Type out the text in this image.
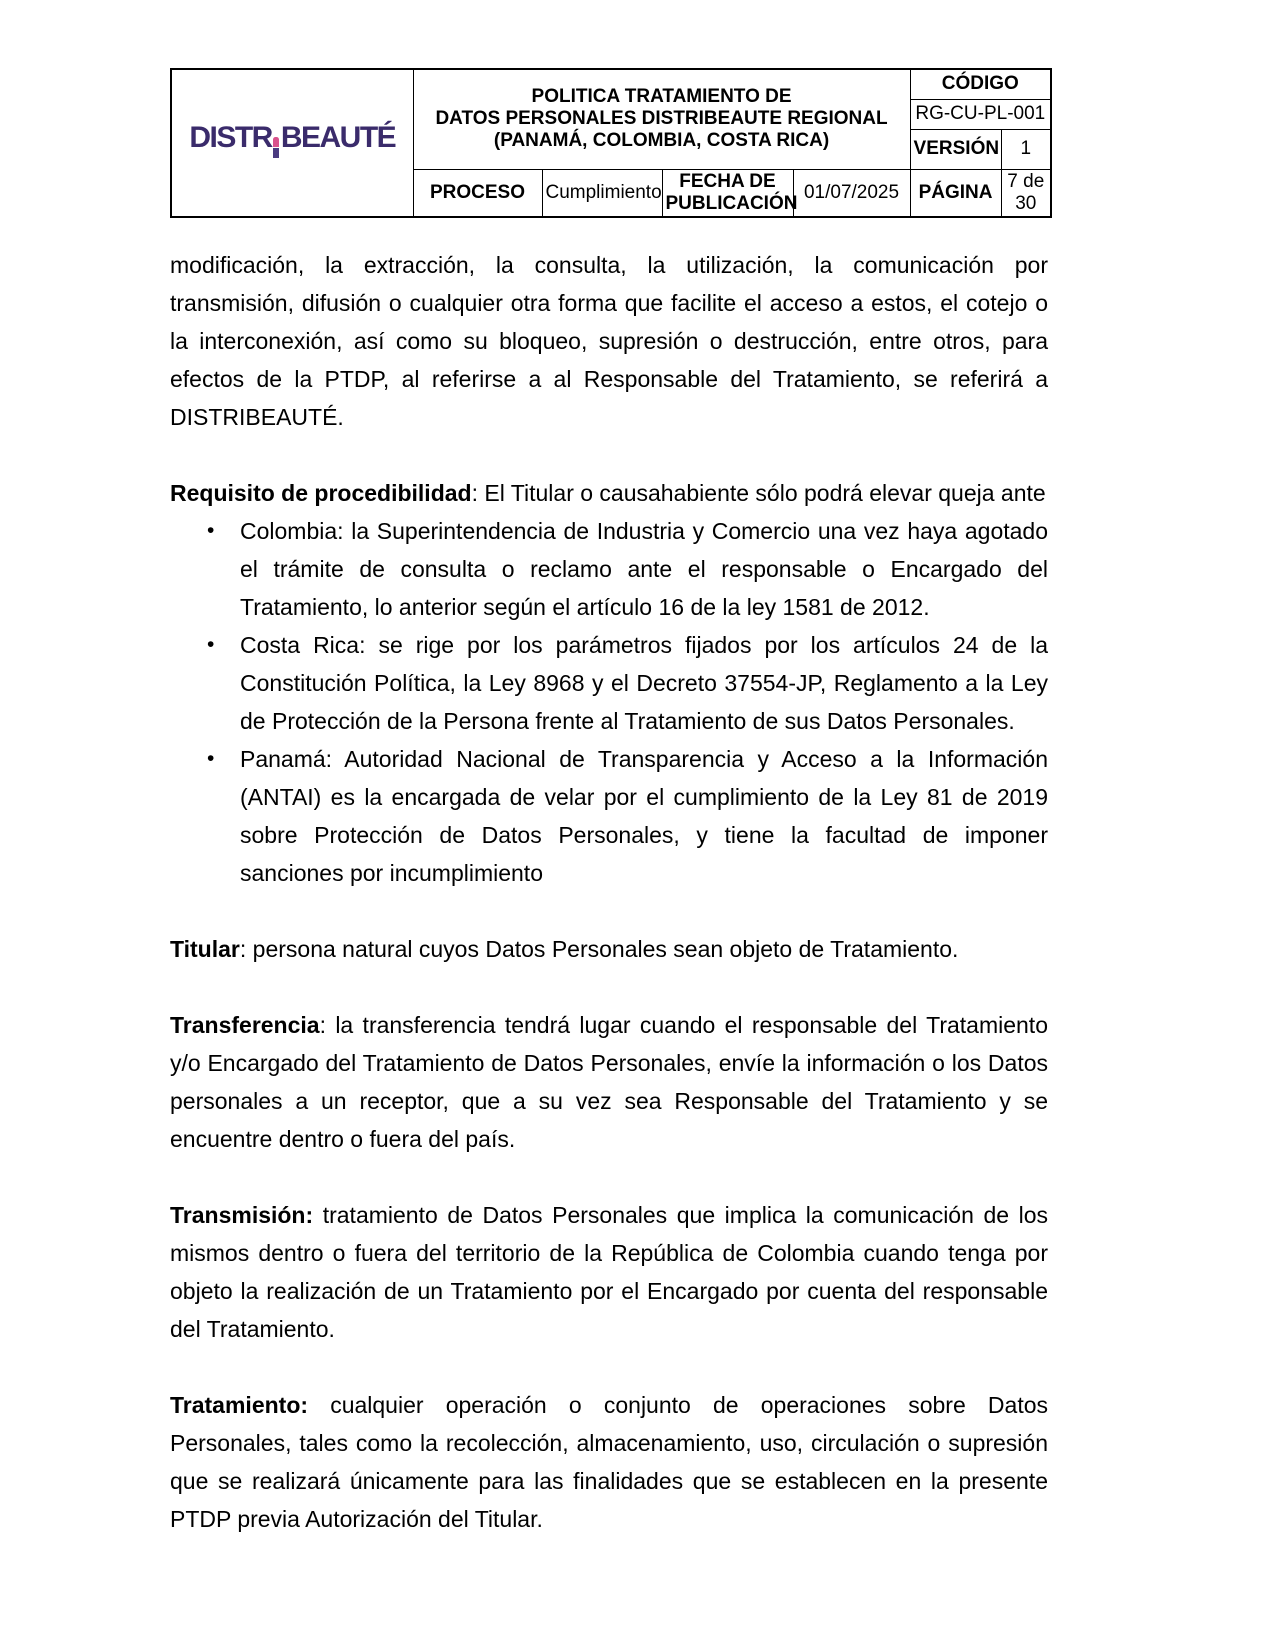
DISTR BEAUTÉ

POLITICA TRATAMIENTO DE
DATOS PERSONALES DISTRIBEAUTE REGIONAL
(PANAMÁ, COLOMBIA, COSTA RICA)
	CÓDIGO
					RG-CU-PL-001	
					VERSIÓN	1
	PROCESO	Cumplimiento	FECHA DE PUBLICACIÓN	01/07/2025	PÁGINA	7 de 30

modificación, la extracción, la consulta, la utilización, la comunicación por transmisión, difusión o cualquier otra forma que facilite el acceso a estos, el cotejo o la interconexión, así como su bloqueo, supresión o destrucción, entre otros, para efectos de la PTDP, al referirse a al Responsable del Tratamiento, se referirá a DISTRIBEAUTÉ.

Requisito de procedibilidad: El Titular o causahabiente sólo podrá elevar queja ante

•	Colombia: la Superintendencia de Industria y Comercio una vez haya agotado el trámite de consulta o reclamo ante el responsable o Encargado del Tratamiento, lo anterior según el artículo 16 de la ley 1581 de 2012.
•	Costa Rica: se rige por los parámetros fijados por los artículos 24 de la Constitución Política, la Ley 8968 y el Decreto 37554-JP, Reglamento a la Ley de Protección de la Persona frente al Tratamiento de sus Datos Personales.
•	Panamá: Autoridad Nacional de Transparencia y Acceso a la Información (ANTAI) es la encargada de velar por el cumplimiento de la Ley 81 de 2019 sobre Protección de Datos Personales, y tiene la facultad de imponer sanciones por incumplimiento

Titular: persona natural cuyos Datos Personales sean objeto de Tratamiento.

Transferencia: la transferencia tendrá lugar cuando el responsable del Tratamiento y/o Encargado del Tratamiento de Datos Personales, envíe la información o los Datos personales a un receptor, que a su vez sea Responsable del Tratamiento y se encuentre dentro o fuera del país.

Transmisión: tratamiento de Datos Personales que implica la comunicación de los mismos dentro o fuera del territorio de la República de Colombia cuando tenga por objeto la realización de un Tratamiento por el Encargado por cuenta del responsable del Tratamiento.

Tratamiento: cualquier operación o conjunto de operaciones sobre Datos Personales, tales como la recolección, almacenamiento, uso, circulación o supresión que se realizará únicamente para las finalidades que se establecen en la presente PTDP previa Autorización del Titular.
